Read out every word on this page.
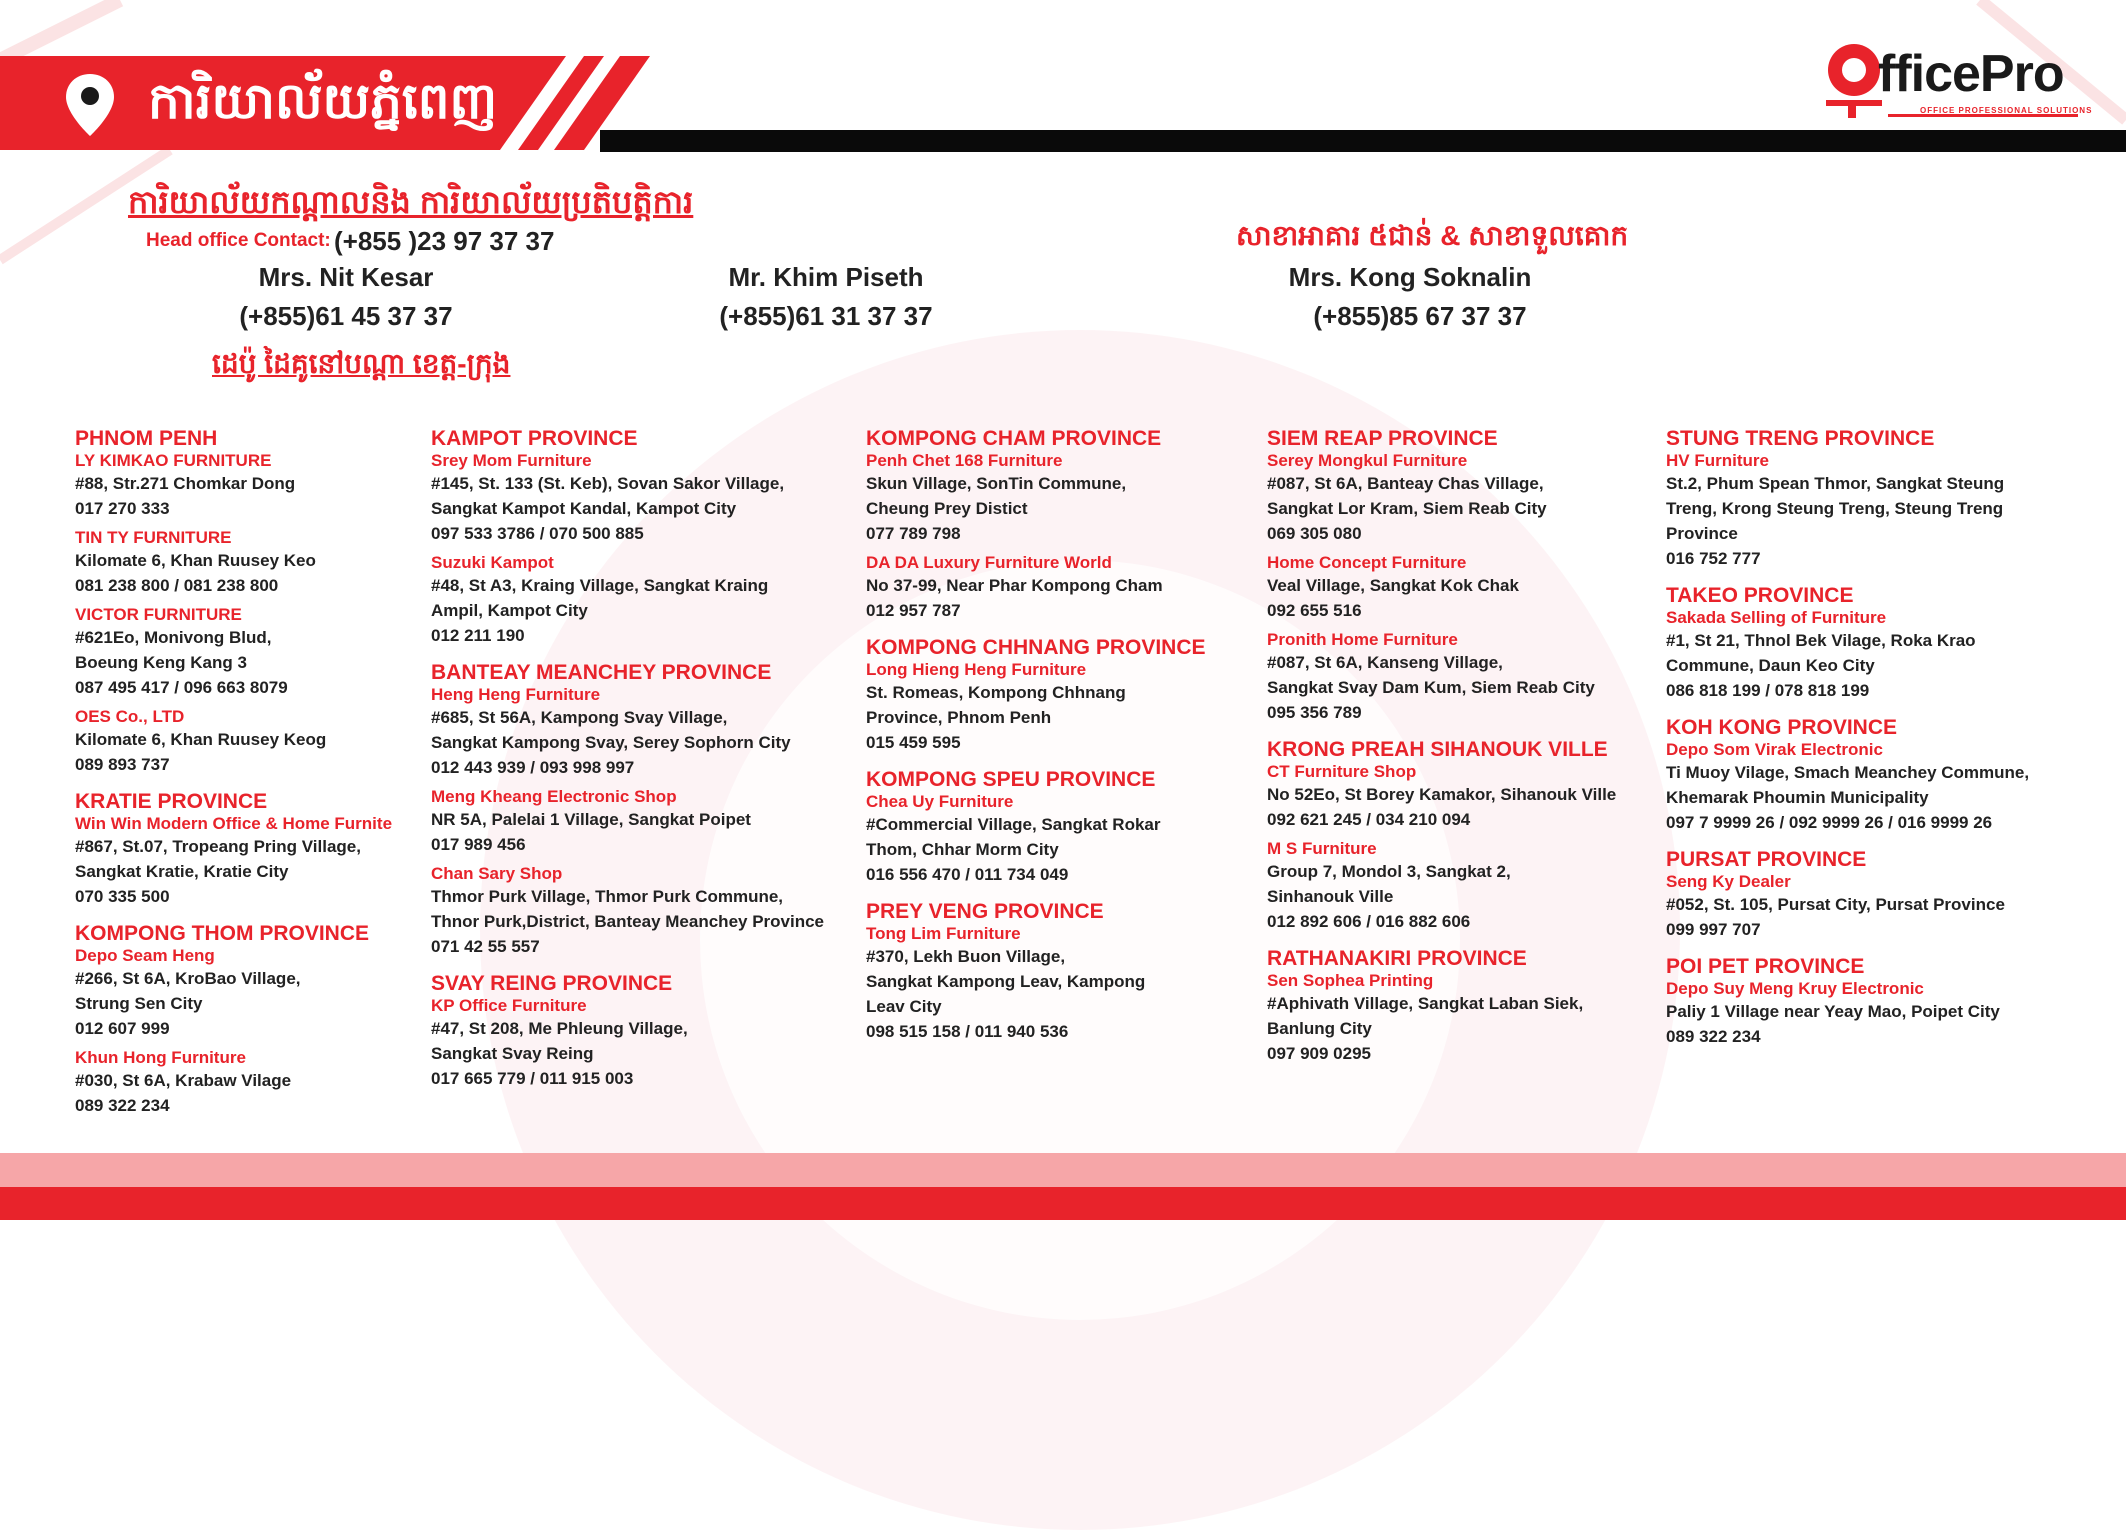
ការិយាល័យភ្នំពេញ	fficePro
OFFICE PROFESSIONAL SOLUTIONS
ការិយាល័យកណ្ដាលនិង ការិយាល័យប្រតិបត្តិការ
Head office Contact: (+855 )23 97 37 37
Mrs. Nit Kesar
(+855)61 45 37 37
Mr. Khim Piseth
(+855)61 31 37 37
សាខាអាគារ ៥ជាន់ & សាខាទួលគោក
Mrs. Kong Soknalin
(+855)85 67 37 37
ដេប៉ូ ដៃគូនៅបណ្ដា ខេត្ត-ក្រុង
PHNOM PENH
LY KIMKAO FURNITURE
#88, Str.271 Chomkar Dong
017 270 333
TIN TY FURNITURE
Kilomate 6, Khan Ruusey Keo
081 238 800 / 081 238 800
VICTOR FURNITURE
#621Eo, Monivong Blud,
Boeung Keng Kang 3
087 495 417 / 096 663 8079
OES Co., LTD
Kilomate 6, Khan Ruusey Keog
089 893 737
KRATIE PROVINCE
Win Win Modern Office & Home Furnite
#867, St.07, Tropeang Pring Village,
Sangkat Kratie, Kratie City
070 335 500
KOMPONG THOM PROVINCE
Depo Seam Heng
#266, St 6A, KroBao Village,
Strung Sen City
012 607 999
Khun Hong Furniture
#030, St 6A, Krabaw Vilage
089 322 234
KAMPOT PROVINCE
Srey Mom Furniture
#145, St. 133 (St. Keb), Sovan Sakor Village,
Sangkat Kampot Kandal, Kampot City
097 533 3786 / 070 500 885
Suzuki Kampot
#48, St A3, Kraing Village, Sangkat Kraing
Ampil, Kampot City
012 211 190
BANTEAY MEANCHEY PROVINCE
Heng Heng Furniture
#685, St 56A, Kampong Svay Village,
Sangkat Kampong Svay, Serey Sophorn City
012 443 939 / 093 998 997
Meng Kheang Electronic Shop
NR 5A, Palelai 1 Village, Sangkat Poipet
017 989 456
Chan Sary Shop
Thmor Purk Village, Thmor Purk Commune,
Thnor Purk,District, Banteay Meanchey Province
071 42 55 557
SVAY REING PROVINCE
KP Office Furniture
#47, St 208, Me Phleung Village,
Sangkat Svay Reing
017 665 779 / 011 915 003
KOMPONG CHAM PROVINCE
Penh Chet 168 Furniture
Skun Village, SonTin Commune,
Cheung Prey Distict
077 789 798
DA DA Luxury Furniture World
No 37-99, Near Phar Kompong Cham
012 957 787
KOMPONG CHHNANG PROVINCE
Long Hieng Heng Furniture
St. Romeas, Kompong Chhnang
Province, Phnom Penh
015 459 595
KOMPONG SPEU PROVINCE
Chea Uy Furniture
#Commercial Village, Sangkat Rokar
Thom, Chhar Morm City
016 556 470 / 011 734 049
PREY VENG PROVINCE
Tong Lim Furniture
#370, Lekh Buon Village,
Sangkat Kampong Leav, Kampong
Leav City
098 515 158 / 011 940 536
SIEM REAP PROVINCE
Serey Mongkul Furniture
#087, St 6A, Banteay Chas Village,
Sangkat Lor Kram, Siem Reab City
069 305 080
Home Concept Furniture
Veal Village, Sangkat Kok Chak
092 655 516
Pronith Home Furniture
#087, St 6A, Kanseng Village,
Sangkat Svay Dam Kum, Siem Reab City
095 356 789
KRONG PREAH SIHANOUK VILLE
CT Furniture Shop
No 52Eo, St Borey Kamakor, Sihanouk Ville
092 621 245 / 034 210 094
M S Furniture
Group 7, Mondol 3, Sangkat 2,
Sinhanouk Ville
012 892 606 / 016 882 606
RATHANAKIRI PROVINCE
Sen Sophea Printing
#Aphivath Village, Sangkat Laban Siek,
Banlung City
097 909 0295
STUNG TRENG PROVINCE
HV Furniture
St.2, Phum Spean Thmor, Sangkat Steung
Treng, Krong Steung Treng, Steung Treng
Province
016 752 777
TAKEO PROVINCE
Sakada Selling of Furniture
#1, St 21, Thnol Bek Vilage, Roka Krao
Commune, Daun Keo City
086 818 199 / 078 818 199
KOH KONG PROVINCE
Depo Som Virak Electronic
Ti Muoy Vilage, Smach Meanchey Commune,
Khemarak Phoumin Municipality
097 7 9999 26 / 092 9999 26 / 016 9999 26
PURSAT PROVINCE
Seng Ky Dealer
#052, St. 105, Pursat City, Pursat Province
099 997 707
POI PET PROVINCE
Depo Suy Meng Kruy Electronic
Paliy 1 Village near Yeay Mao, Poipet City
089 322 234
